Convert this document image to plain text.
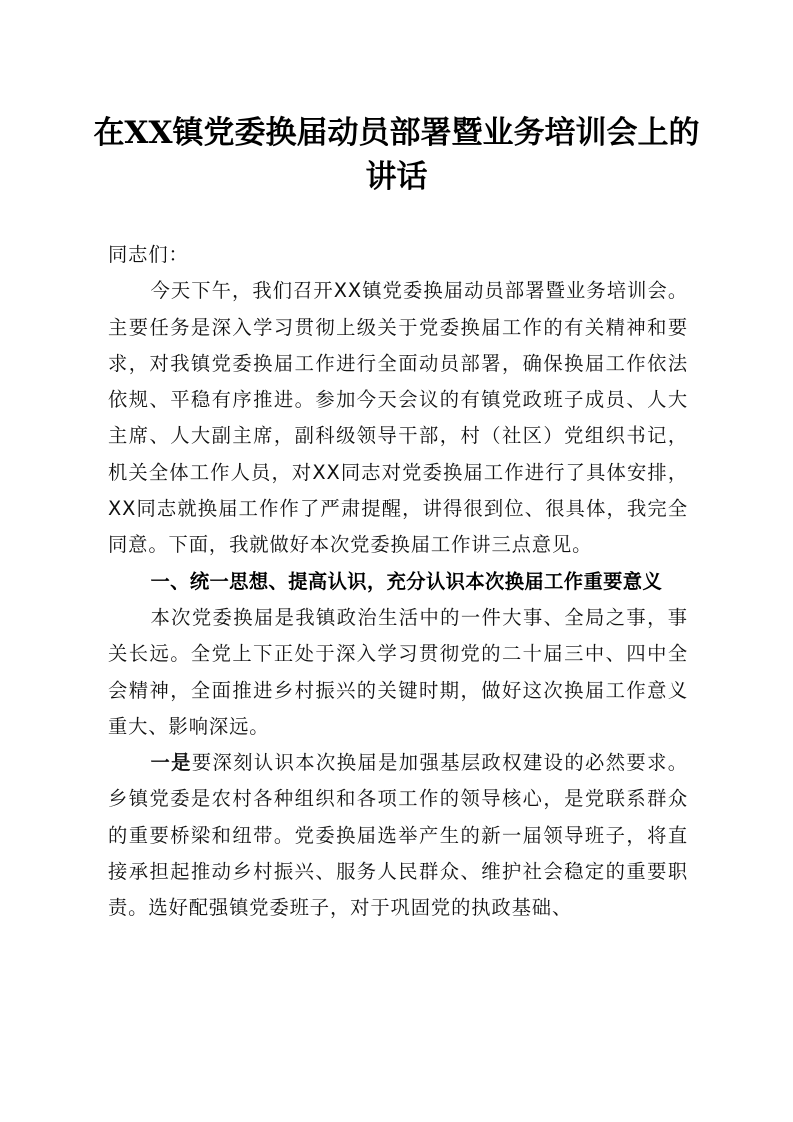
在XX镇党委换届动员部署暨业务培训会上的讲话

同志们：

今天下午，我们召开XX镇党委换届动员部署暨业务培训会。主要任务是深入学习贯彻上级关于党委换届工作的有关精神和要求，对我镇党委换届工作进行全面动员部署，确保换届工作依法依规、平稳有序推进。参加今天会议的有镇党政班子成员、人大主席、人大副主席，副科级领导干部，村（社区）党组织书记，机关全体工作人员，对XX同志对党委换届工作进行了具体安排，XX同志就换届工作作了严肃提醒，讲得很到位、很具体，我完全同意。下面，我就做好本次党委换届工作讲三点意见。

一、统一思想、提高认识，充分认识本次换届工作重要意义

本次党委换届是我镇政治生活中的一件大事、全局之事，事关长远。全党上下正处于深入学习贯彻党的二十届三中、四中全会精神，全面推进乡村振兴的关键时期，做好这次换届工作意义重大、影响深远。

一是要深刻认识本次换届是加强基层政权建设的必然要求。乡镇党委是农村各种组织和各项工作的领导核心，是党联系群众的重要桥梁和纽带。党委换届选举产生的新一届领导班子，将直接承担起推动乡村振兴、服务人民群众、维护社会稳定的重要职责。选好配强镇党委班子，对于巩固党的执政基础、
